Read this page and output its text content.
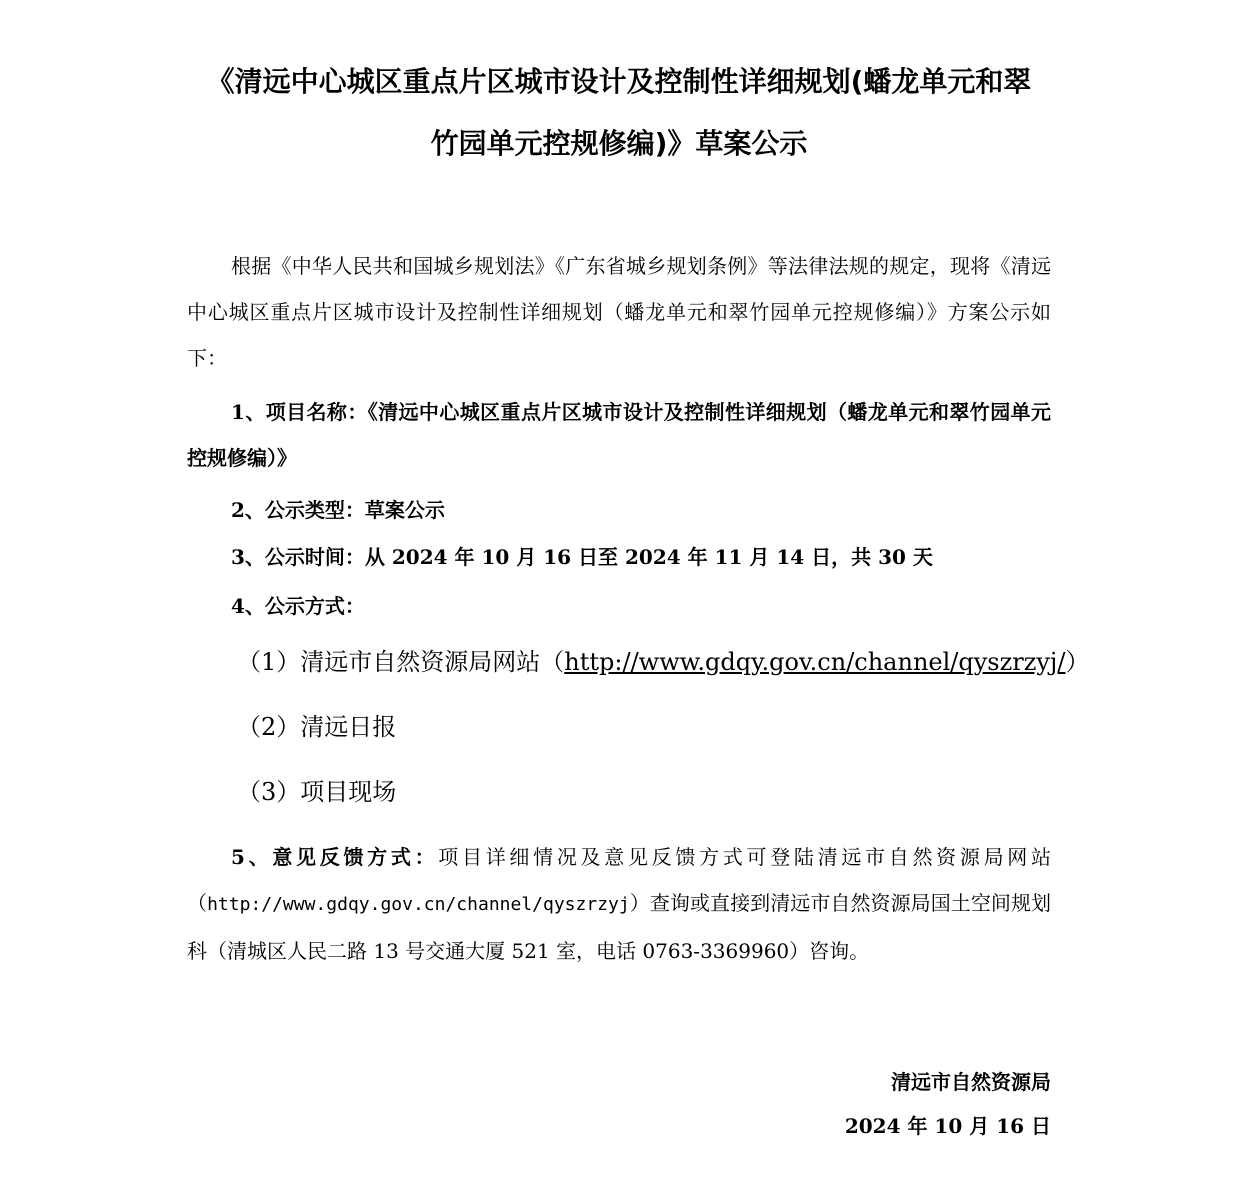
《清远中心城区重点片区城市设计及控制性详细规划(蟠龙单元和翠
竹园单元控规修编)》草案公示

根据《中华人民共和国城乡规划法》《广东省城乡规划条例》等法律法规的规定，现将《清远中心城区重点片区城市设计及控制性详细规划（蟠龙单元和翠竹园单元控规修编）》方案公示如下：

1、项目名称：《清远中心城区重点片区城市设计及控制性详细规划（蟠龙单元和翠竹园单元控规修编）》

2、公示类型：草案公示

3、公示时间：从 2024 年 10 月 16 日至 2024 年 11 月 14 日，共 30 天

4、公示方式：

（1）清远市自然资源局网站（http://www.gdqy.gov.cn/channel/qyszrzyj/）
（2）清远日报
（3）项目现场

5、意见反馈方式：项目详细情况及意见反馈方式可登陆清远市自然资源局网站（http://www.gdqy.gov.cn/channel/qyszrzyj）查询或直接到清远市自然资源局国土空间规划科（清城区人民二路 13 号交通大厦 521 室，电话 0763-3369960）咨询。

清远市自然资源局
2024 年 10 月 16 日
